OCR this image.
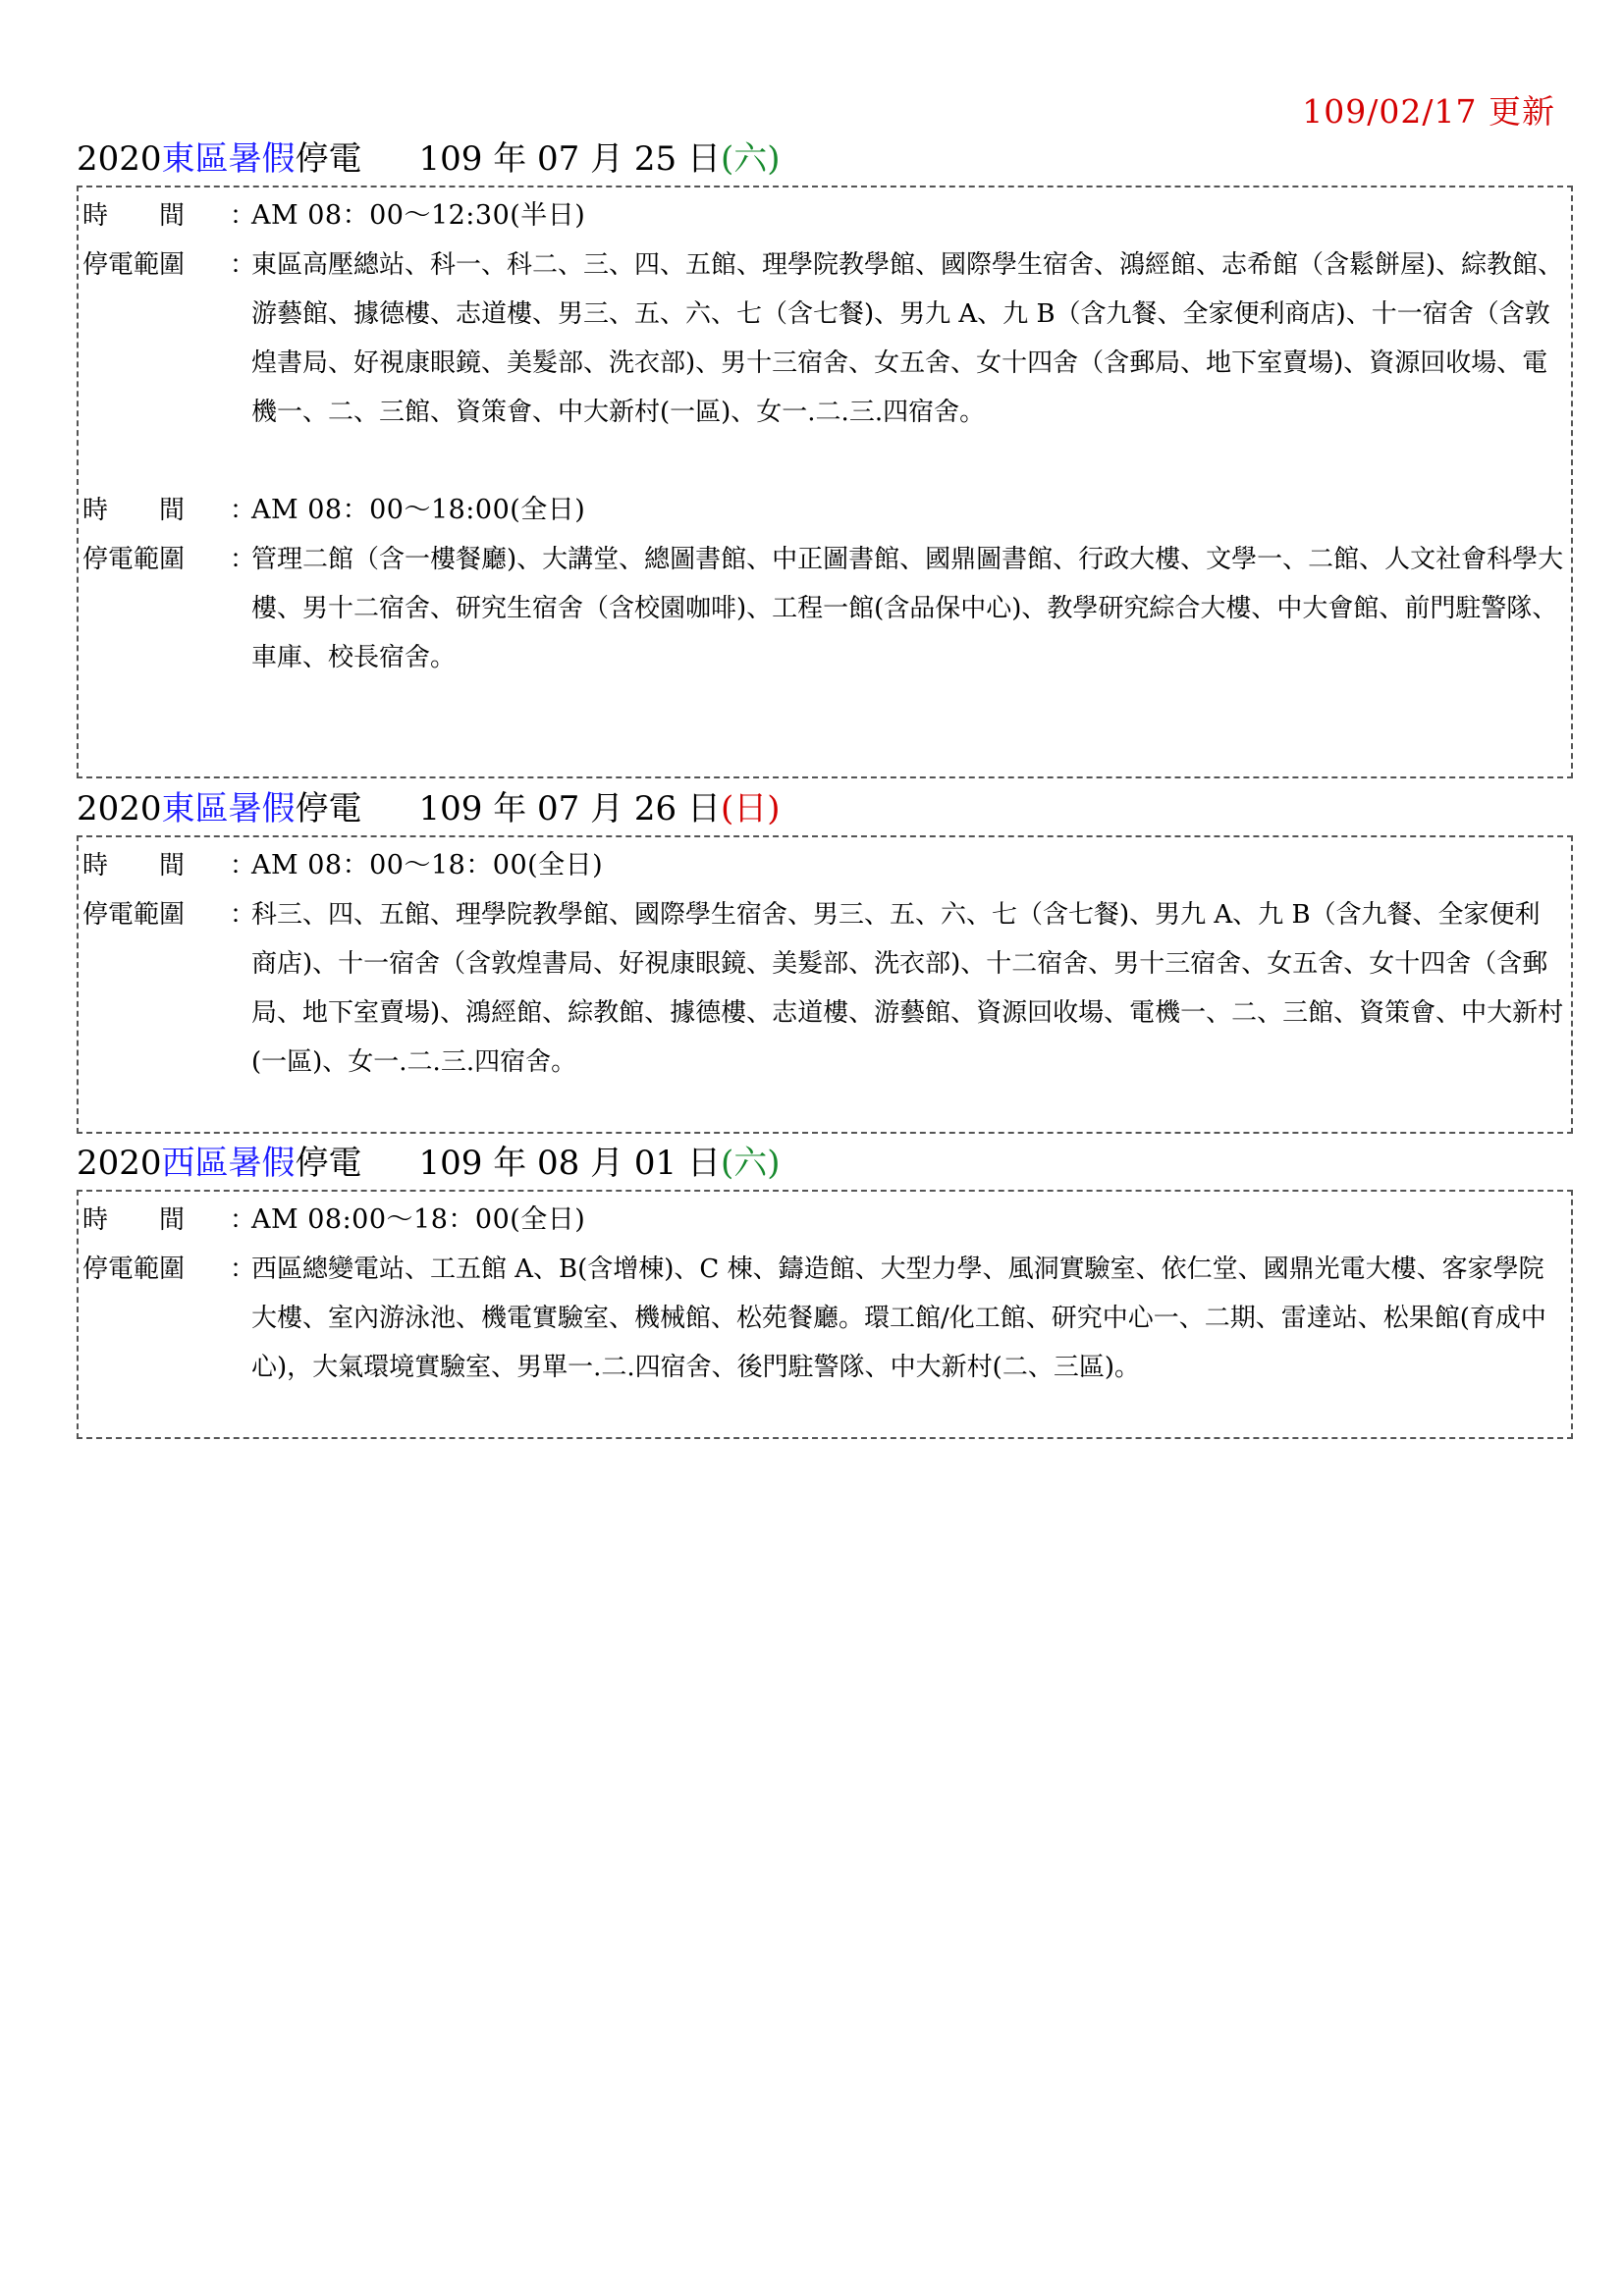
109/02/17 更新
2020東區暑假停電 109 年 07 月 25 日(六)
時　　間	：
AM 08：00～12:30(半日)
停電範圍	：
東區高壓總站、科一、科二、三、四、五館、理學院教學館、國際學生宿舍、鴻經館、志希館（含鬆餅屋)、綜教館、游藝館、據德樓、志道樓、男三、五、六、七（含七餐)、男九 A、九 B（含九餐、全家便利商店)、十一宿舍（含敦煌書局、好視康眼鏡、美髮部、洗衣部)、男十三宿舍、女五舍、女十四舍（含郵局、地下室賣場)、資源回收場、電機一、二、三館、資策會、中大新村(一區)、女一.二.三.四宿舍。
時　　間	：
AM 08：00～18:00(全日)
停電範圍	：
管理二館（含一樓餐廳)、大講堂、總圖書館、中正圖書館、國鼎圖書館、行政大樓、文學一、二館、人文社會科學大樓、男十二宿舍、研究生宿舍（含校園咖啡)、工程一館(含品保中心)、教學研究綜合大樓、中大會館、前門駐警隊、車庫、校長宿舍。
2020東區暑假停電 109 年 07 月 26 日(日)
時　　間	：
AM 08：00～18：00(全日)
停電範圍	：
科三、四、五館、理學院教學館、國際學生宿舍、男三、五、六、七（含七餐)、男九 A、九 B（含九餐、全家便利商店)、十一宿舍（含敦煌書局、好視康眼鏡、美髮部、洗衣部)、十二宿舍、男十三宿舍、女五舍、女十四舍（含郵局、地下室賣場)、鴻經館、綜教館、據德樓、志道樓、游藝館、資源回收場、電機一、二、三館、資策會、中大新村(一區)、女一.二.三.四宿舍。
2020西區暑假停電 109 年 08 月 01 日(六)
時　　間	：
AM 08:00～18：00(全日)
停電範圍	：
西區總變電站、工五館 A、B(含增棟)、C 棟、鑄造館、大型力學、風洞實驗室、依仁堂、國鼎光電大樓、客家學院大樓、室內游泳池、機電實驗室、機械館、松苑餐廳。環工館/化工館、研究中心一、二期、雷達站、松果館(育成中心)，大氣環境實驗室、男單一.二.四宿舍、後門駐警隊、中大新村(二、三區)。
